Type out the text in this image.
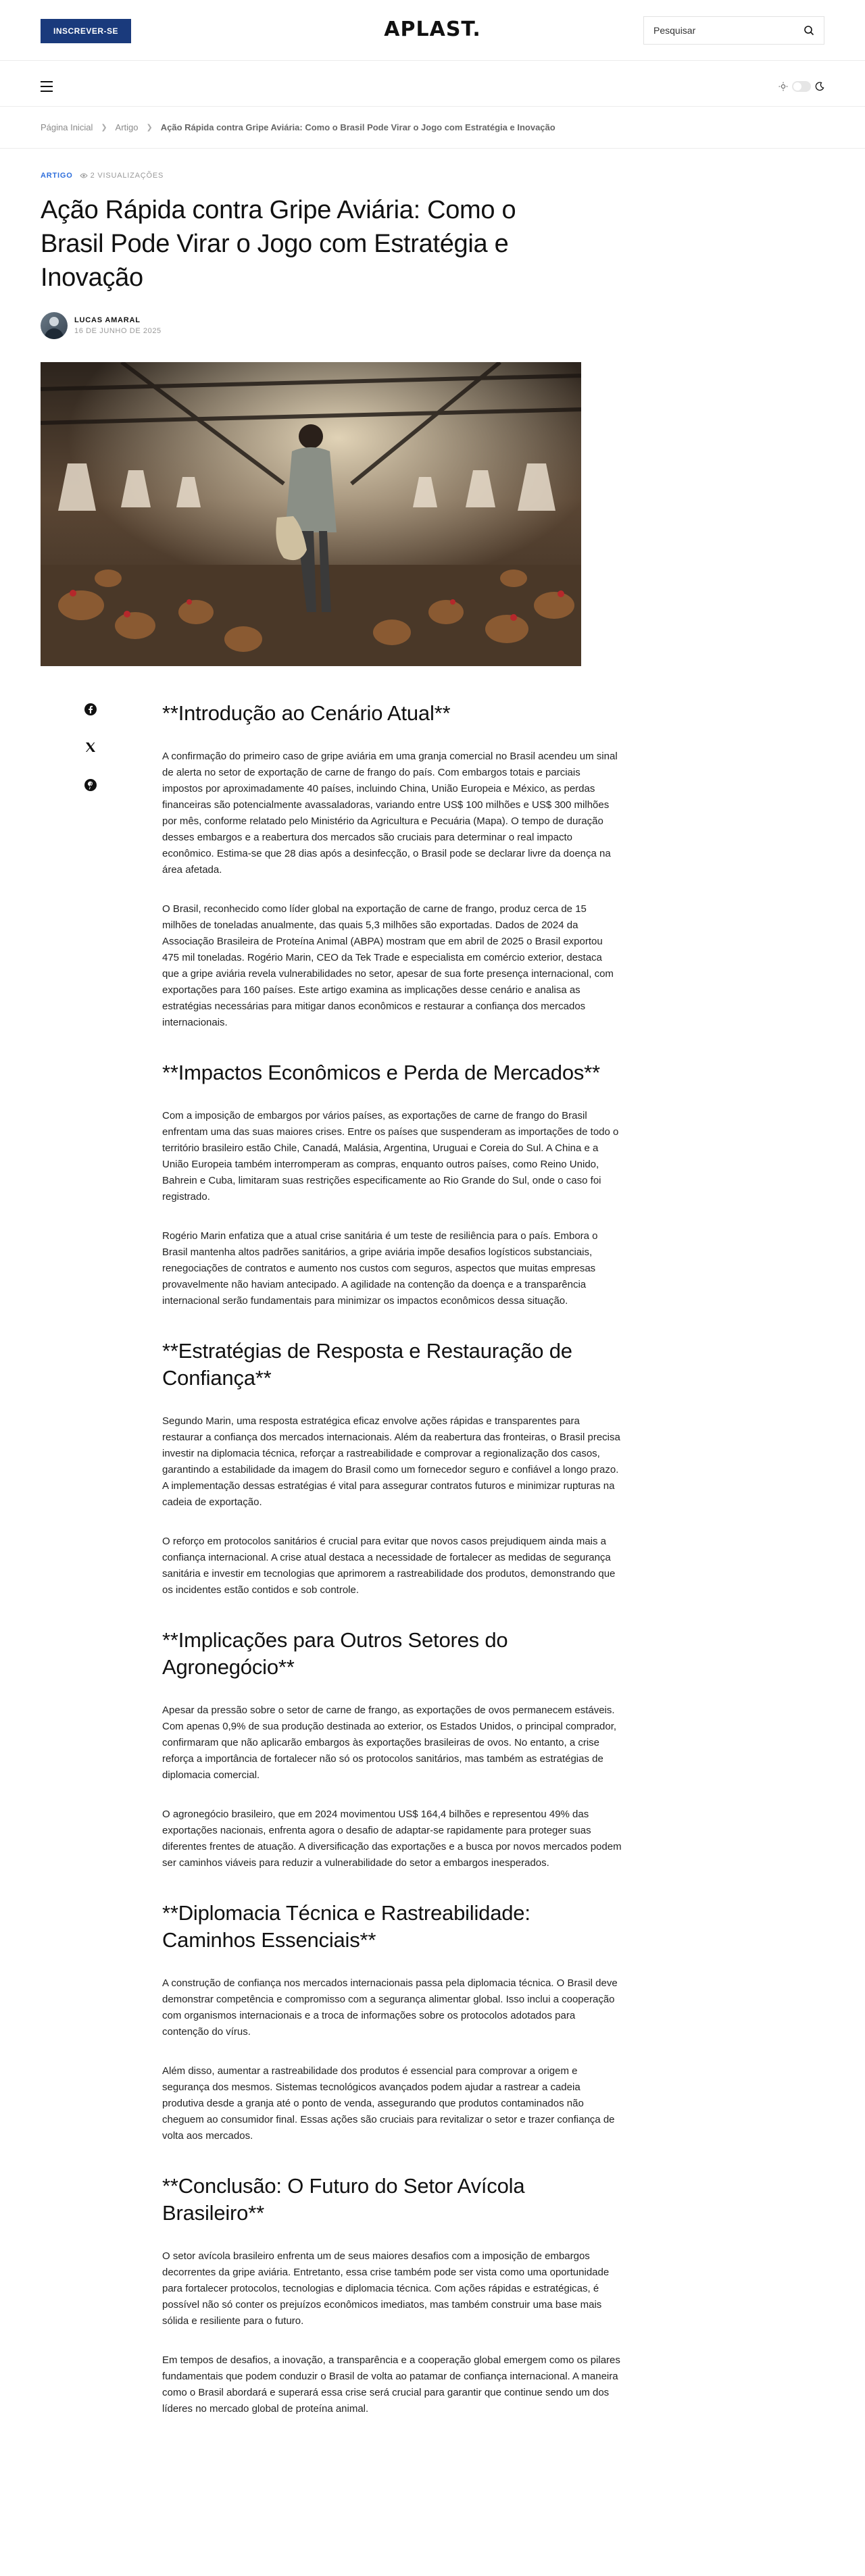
INSCREVER-SE	APLAST.	Pesquisar
Página Inicial ❯ Artigo ❯ Ação Rápida contra Gripe Aviária: Como o Brasil Pode Virar o Jogo com Estratégia e Inovação
ARTIGO	2 VISUALIZAÇÕES
Ação Rápida contra Gripe Aviária: Como o Brasil Pode Virar o Jogo com Estratégia e Inovação
LUCAS AMARAL
16 DE JUNHO DE 2025
**Introdução ao Cenário Atual**

A confirmação do primeiro caso de gripe aviária em uma granja comercial no Brasil acendeu um sinal de alerta no setor de exportação de carne de frango do país. Com embargos totais e parciais impostos por aproximadamente 40 países, incluindo China, União Europeia e México, as perdas financeiras são potencialmente avassaladoras, variando entre US$ 100 milhões e US$ 300 milhões por mês, conforme relatado pelo Ministério da Agricultura e Pecuária (Mapa). O tempo de duração desses embargos e a reabertura dos mercados são cruciais para determinar o real impacto econômico. Estima-se que 28 dias após a desinfecção, o Brasil pode se declarar livre da doença na área afetada.

O Brasil, reconhecido como líder global na exportação de carne de frango, produz cerca de 15 milhões de toneladas anualmente, das quais 5,3 milhões são exportadas. Dados de 2024 da Associação Brasileira de Proteína Animal (ABPA) mostram que em abril de 2025 o Brasil exportou 475 mil toneladas. Rogério Marin, CEO da Tek Trade e especialista em comércio exterior, destaca que a gripe aviária revela vulnerabilidades no setor, apesar de sua forte presença internacional, com exportações para 160 países. Este artigo examina as implicações desse cenário e analisa as estratégias necessárias para mitigar danos econômicos e restaurar a confiança dos mercados internacionais.

**Impactos Econômicos e Perda de Mercados**

Com a imposição de embargos por vários países, as exportações de carne de frango do Brasil enfrentam uma das suas maiores crises. Entre os países que suspenderam as importações de todo o território brasileiro estão Chile, Canadá, Malásia, Argentina, Uruguai e Coreia do Sul. A China e a União Europeia também interromperam as compras, enquanto outros países, como Reino Unido, Bahrein e Cuba, limitaram suas restrições especificamente ao Rio Grande do Sul, onde o caso foi registrado.

Rogério Marin enfatiza que a atual crise sanitária é um teste de resiliência para o país. Embora o Brasil mantenha altos padrões sanitários, a gripe aviária impõe desafios logísticos substanciais, renegociações de contratos e aumento nos custos com seguros, aspectos que muitas empresas provavelmente não haviam antecipado. A agilidade na contenção da doença e a transparência internacional serão fundamentais para minimizar os impactos econômicos dessa situação.

**Estratégias de Resposta e Restauração de Confiança**

Segundo Marin, uma resposta estratégica eficaz envolve ações rápidas e transparentes para restaurar a confiança dos mercados internacionais. Além da reabertura das fronteiras, o Brasil precisa investir na diplomacia técnica, reforçar a rastreabilidade e comprovar a regionalização dos casos, garantindo a estabilidade da imagem do Brasil como um fornecedor seguro e confiável a longo prazo. A implementação dessas estratégias é vital para assegurar contratos futuros e minimizar rupturas na cadeia de exportação.

O reforço em protocolos sanitários é crucial para evitar que novos casos prejudiquem ainda mais a confiança internacional. A crise atual destaca a necessidade de fortalecer as medidas de segurança sanitária e investir em tecnologias que aprimorem a rastreabilidade dos produtos, demonstrando que os incidentes estão contidos e sob controle.

**Implicações para Outros Setores do Agronegócio**

Apesar da pressão sobre o setor de carne de frango, as exportações de ovos permanecem estáveis. Com apenas 0,9% de sua produção destinada ao exterior, os Estados Unidos, o principal comprador, confirmaram que não aplicarão embargos às exportações brasileiras de ovos. No entanto, a crise reforça a importância de fortalecer não só os protocolos sanitários, mas também as estratégias de diplomacia comercial.

O agronegócio brasileiro, que em 2024 movimentou US$ 164,4 bilhões e representou 49% das exportações nacionais, enfrenta agora o desafio de adaptar-se rapidamente para proteger suas diferentes frentes de atuação. A diversificação das exportações e a busca por novos mercados podem ser caminhos viáveis para reduzir a vulnerabilidade do setor a embargos inesperados.

**Diplomacia Técnica e Rastreabilidade: Caminhos Essenciais**

A construção de confiança nos mercados internacionais passa pela diplomacia técnica. O Brasil deve demonstrar competência e compromisso com a segurança alimentar global. Isso inclui a cooperação com organismos internacionais e a troca de informações sobre os protocolos adotados para contenção do vírus.

Além disso, aumentar a rastreabilidade dos produtos é essencial para comprovar a origem e segurança dos mesmos. Sistemas tecnológicos avançados podem ajudar a rastrear a cadeia produtiva desde a granja até o ponto de venda, assegurando que produtos contaminados não cheguem ao consumidor final. Essas ações são cruciais para revitalizar o setor e trazer confiança de volta aos mercados.

**Conclusão: O Futuro do Setor Avícola Brasileiro**

O setor avícola brasileiro enfrenta um de seus maiores desafios com a imposição de embargos decorrentes da gripe aviária. Entretanto, essa crise também pode ser vista como uma oportunidade para fortalecer protocolos, tecnologias e diplomacia técnica. Com ações rápidas e estratégicas, é possível não só conter os prejuízos econômicos imediatos, mas também construir uma base mais sólida e resiliente para o futuro.

Em tempos de desafios, a inovação, a transparência e a cooperação global emergem como os pilares fundamentais que podem conduzir o Brasil de volta ao patamar de confiança internacional. A maneira como o Brasil abordará e superará essa crise será crucial para garantir que continue sendo um dos líderes no mercado global de proteína animal.
